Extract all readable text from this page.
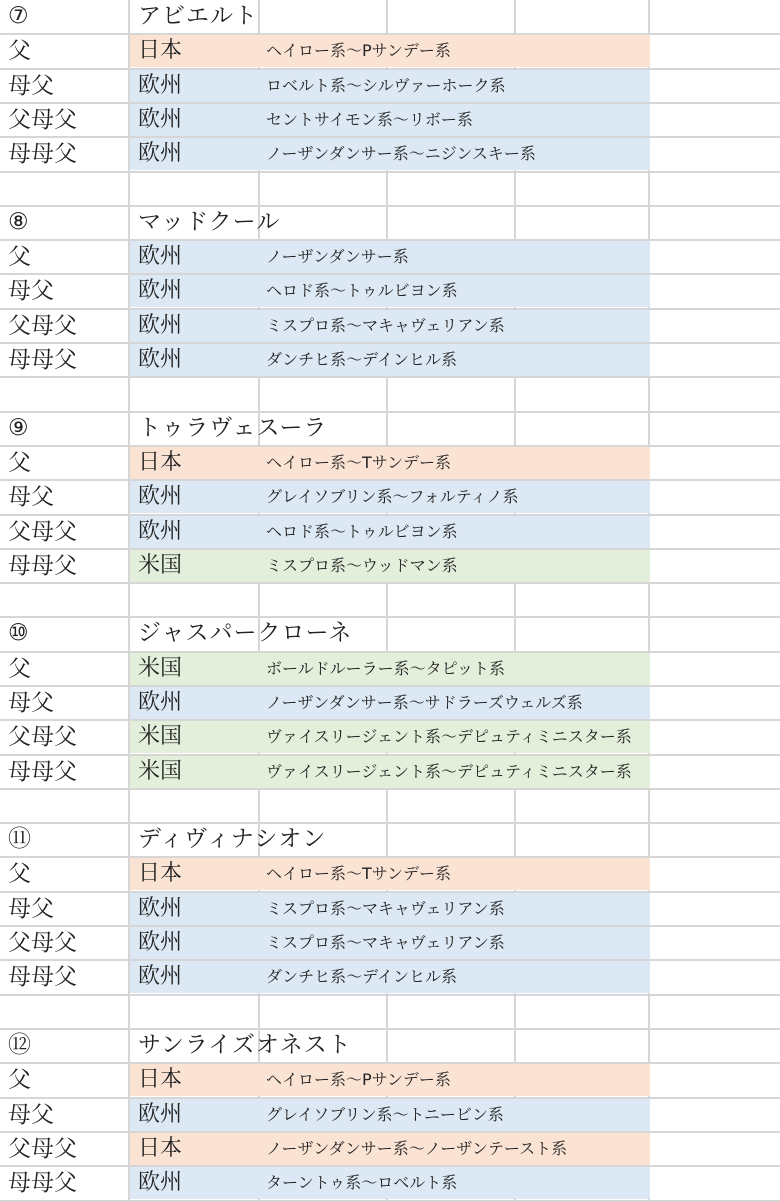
⑦	アビエルト
父	日本	ヘイロー系〜Pサンデー系
母父	欧州	ロベルト系〜シルヴァーホーク系
父母父	欧州	セントサイモン系〜リボー系
母母父	欧州	ノーザンダンサー系〜ニジンスキー系
⑧	マッドクール
父	欧州	ノーザンダンサー系
母父	欧州	ヘロド系〜トゥルビヨン系
父母父	欧州	ミスプロ系〜マキャヴェリアン系
母母父	欧州	ダンチヒ系〜デインヒル系
⑨	トゥラヴェスーラ
父	日本	ヘイロー系〜Tサンデー系
母父	欧州	グレイソブリン系〜フォルティノ系
父母父	欧州	ヘロド系〜トゥルビヨン系
母母父	米国	ミスプロ系〜ウッドマン系
⑩	ジャスパークローネ
父	米国	ボールドルーラー系〜タピット系
母父	欧州	ノーザンダンサー系〜サドラーズウェルズ系
父母父	米国	ヴァイスリージェント系〜デピュティミニスター系
母母父	米国	ヴァイスリージェント系〜デピュティミニスター系
⑪	ディヴィナシオン
父	日本	ヘイロー系〜Tサンデー系
母父	欧州	ミスプロ系〜マキャヴェリアン系
父母父	欧州	ミスプロ系〜マキャヴェリアン系
母母父	欧州	ダンチヒ系〜デインヒル系
⑫	サンライズオネスト
父	日本	ヘイロー系〜Pサンデー系
母父	欧州	グレイソブリン系〜トニービン系
父母父	日本	ノーザンダンサー系〜ノーザンテースト系
母母父	欧州	ターントゥ系〜ロベルト系
